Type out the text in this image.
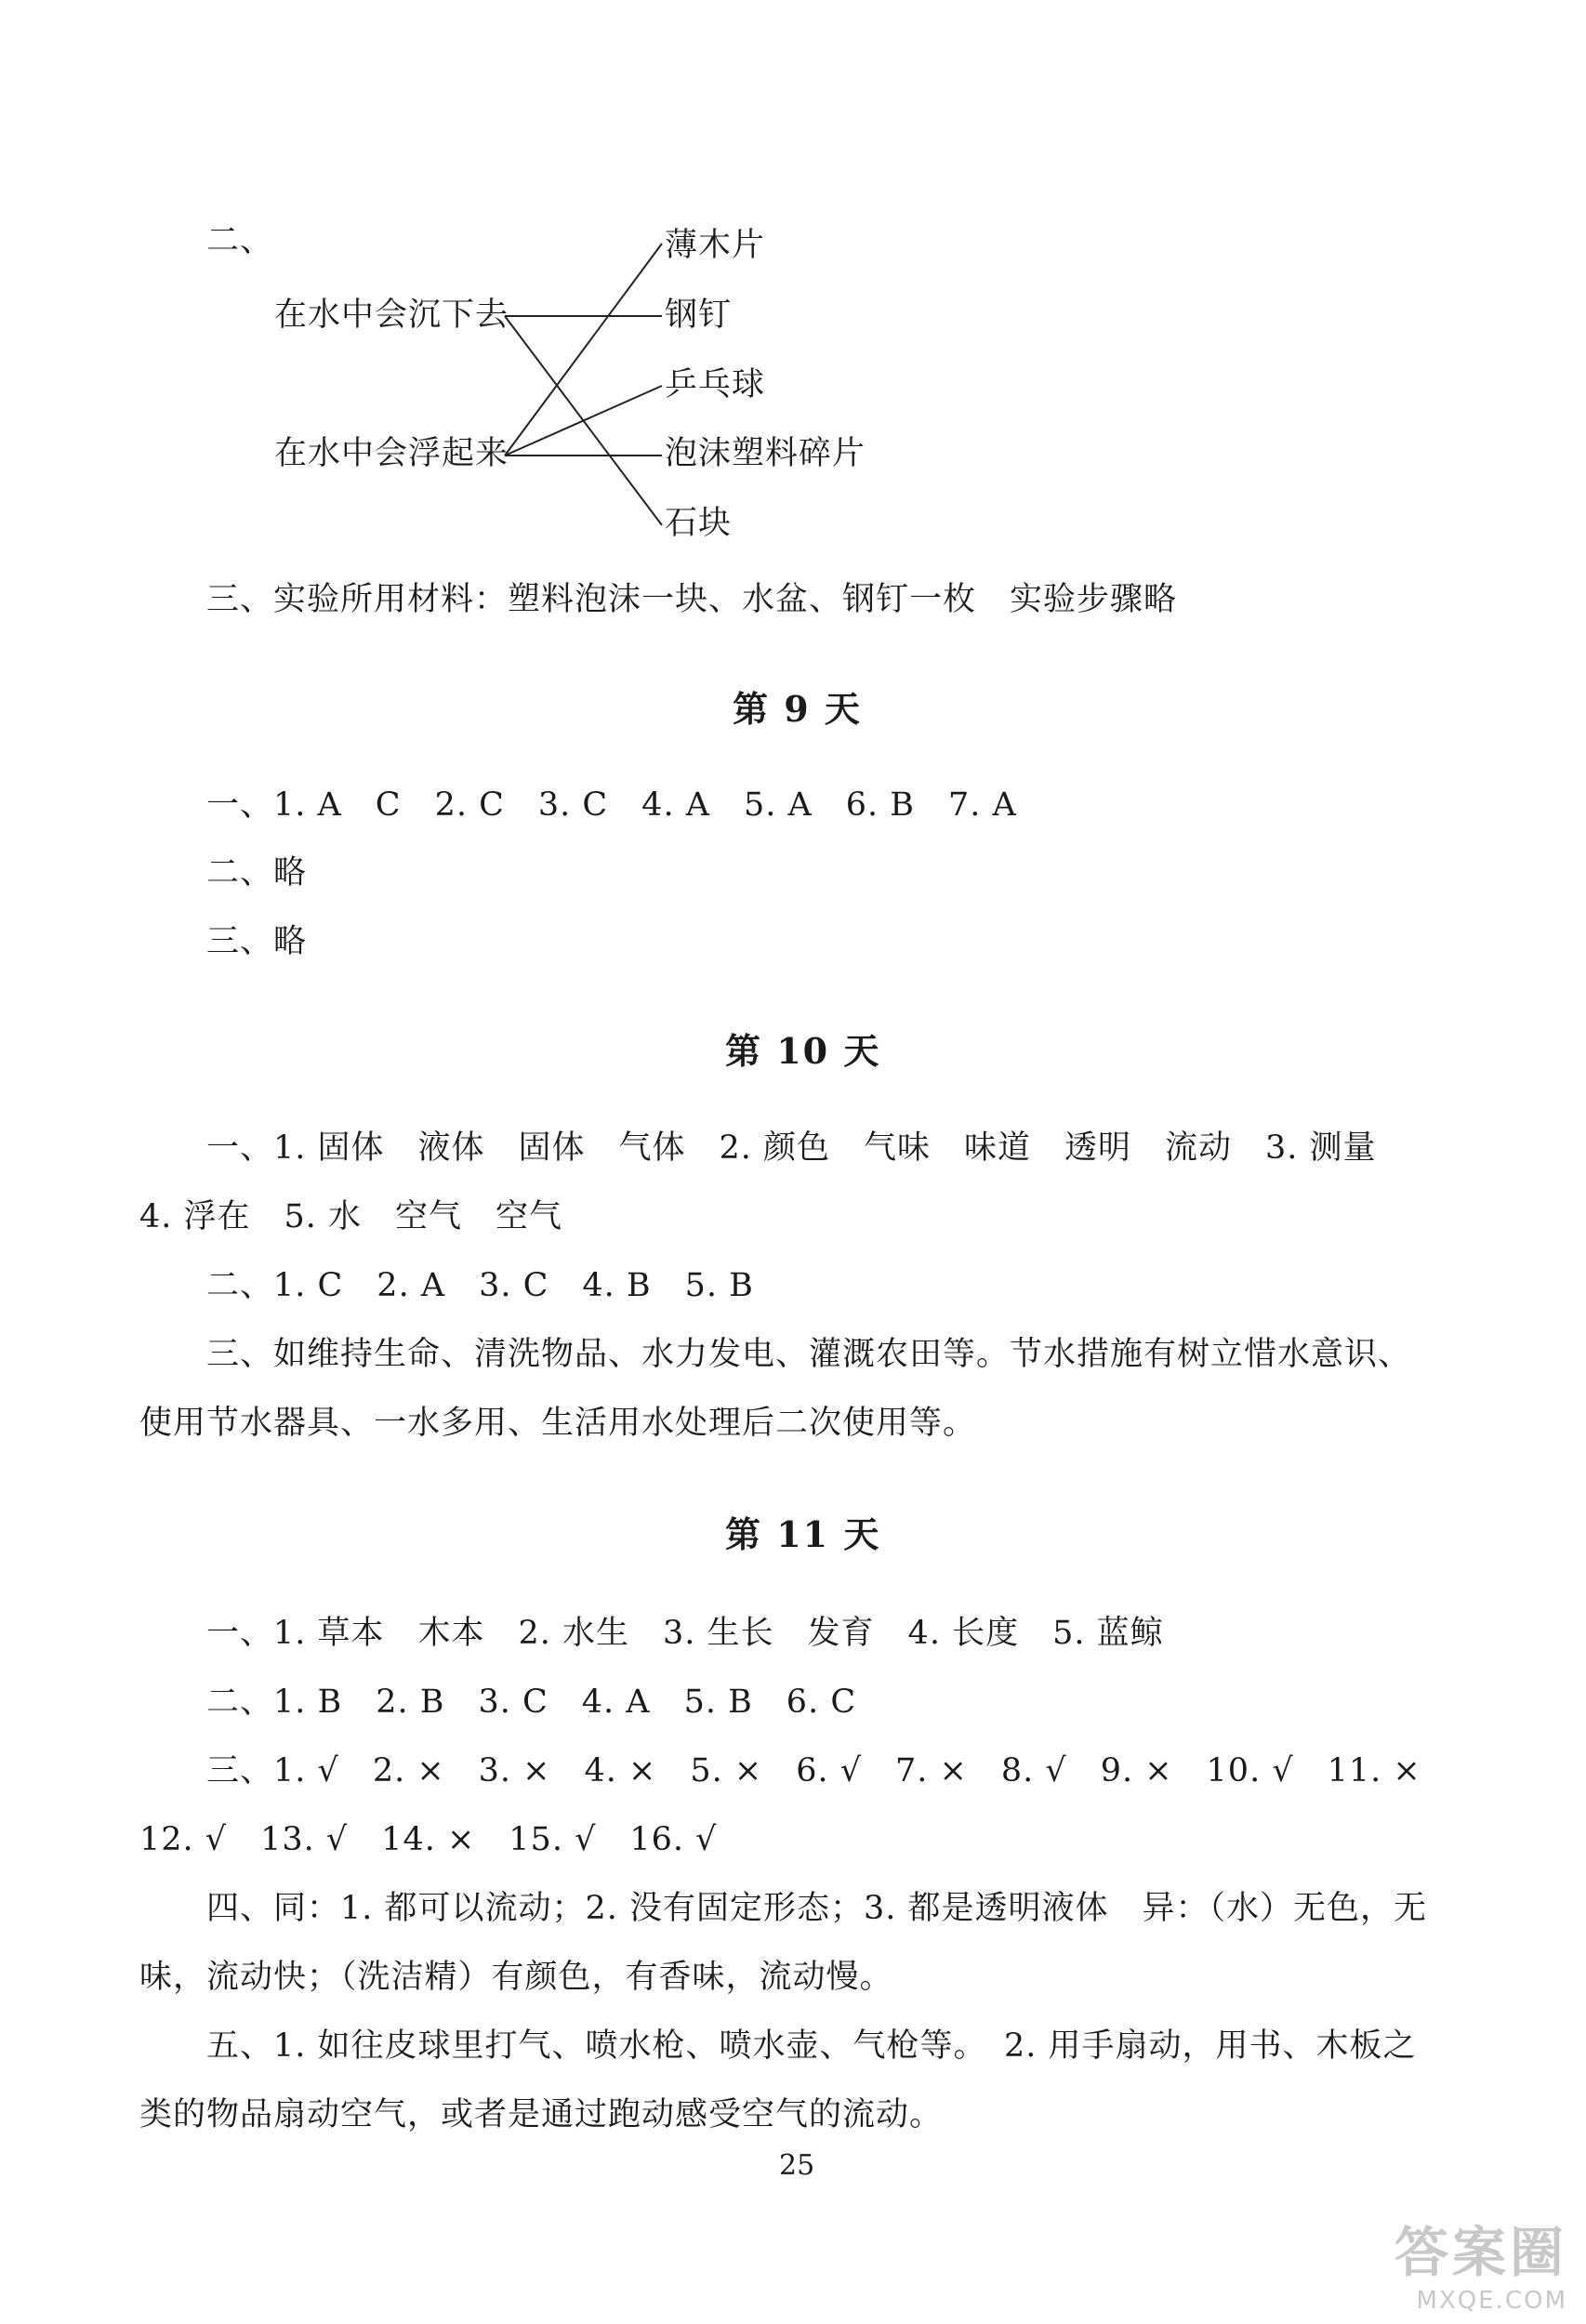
二、
在水中会沉下去
在水中会浮起来
薄木片
钢钉
乒乓球
泡沫塑料碎片
石块
三、实验所用材料：塑料泡沫一块、水盆、钢钉一枚　实验步骤略
第 9 天
一、1. A　C　2. C　3. C　4. A　5. A　6. B　7. A
二、略
三、略
第 10 天
一、1. 固体　液体　固体　气体　2. 颜色　气味　味道　透明　流动　3. 测量
4. 浮在　5. 水　空气　空气
二、1. C　2. A　3. C　4. B　5. B
三、如维持生命、清洗物品、水力发电、灌溉农田等。节水措施有树立惜水意识、
使用节水器具、一水多用、生活用水处理后二次使用等。
第 11 天
一、1. 草本　木本　2. 水生　3. 生长　发育　4. 长度　5. 蓝鲸
二、1. B　2. B　3. C　4. A　5. B　6. C
三、1. √　2. ×　3. ×　4. ×　5. ×　6. √　7. ×　8. √　9. ×　10. √　11. ×
12. √　13. √　14. ×　15. √　16. √
四、同：1. 都可以流动；2. 没有固定形态；3. 都是透明液体　异：（水）无色，无
味，流动快；（洗洁精）有颜色，有香味，流动慢。
五、1. 如往皮球里打气、喷水枪、喷水壶、气枪等。　2. 用手扇动，用书、木板之
类的物品扇动空气，或者是通过跑动感受空气的流动。
25
答案圈
MXQE.COM
